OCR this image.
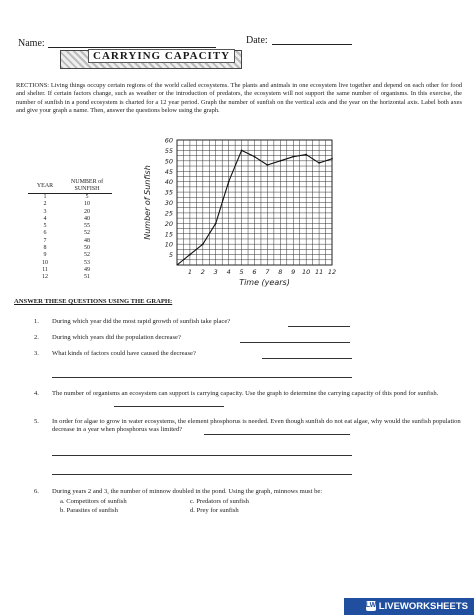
Name:	Date:
CARRYING CAPACITY
RECTIONS: Living things occupy certain regions of the world called ecosystems. The plants and animals in one ecosystem live together and depend on each other for food and shelter. If certain factors change, such as weather or the introduction of predators, the ecosystem will not support the same number of organisms. In this exercise, the number of sunfish in a pond ecosystem is charted for a 12 year period. Graph the number of sunfish on the vertical axis and the year on the horizontal axis. Label both axes and give your graph a name. Then, answer the questions below using the graph.
YEAR	NUMBER of
SUNFISH
1	5
2	10
3	20
4	40
5	55
6	52
7	48
8	50
9	52
10	53
11	49
12	51
5
10
15
20
25
30
35
40
45
50
55
60
1 2 3 4 5 6 7 8 9 10 11 12
Time (years)
Number of Sunfish
ANSWER THESE QUESTIONS USING THE GRAPH:
1. During which year did the most rapid growth of sunfish take place?
2. During which years did the population decrease?
3. What kinds of factors could have caused the decrease?
4. The number of organisms an ecosystem can support is carrying capacity. Use the graph to determine the carrying capacity of this pond for sunfish.
5. In order for algae to grow in water ecosystems, the element phosphorus is needed. Even though sunfish do not eat algae, why would the sunfish population decrease in a year when phosphorus was limited?
6. During years 2 and 3, the number of minnow doubled in the pond. Using the graph, minnows must be:
a. Competitors of sunfish	c. Predators of sunfish
b. Parasites of sunfish	d. Prey for sunfish
LW LIVEWORKSHEETS
